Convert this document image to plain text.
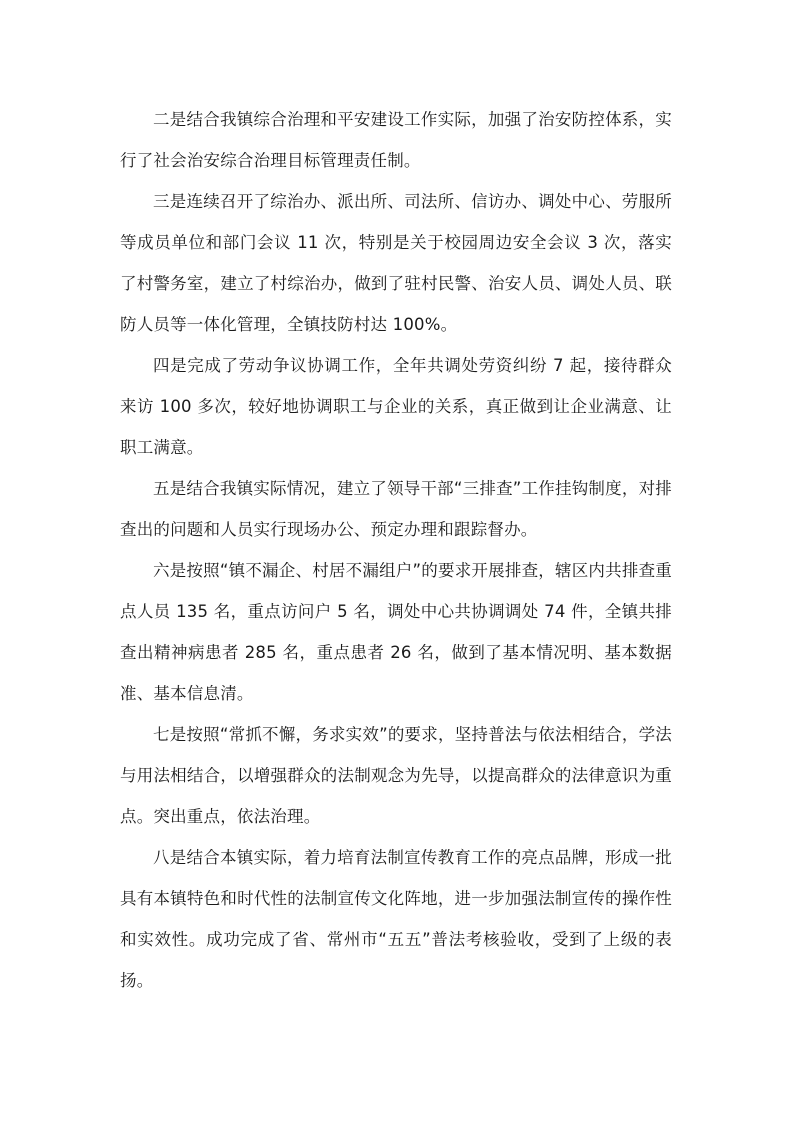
二是结合我镇综合治理和平安建设工作实际，加强了治安防控体系，实行了社会治安综合治理目标管理责任制。

三是连续召开了综治办、派出所、司法所、信访办、调处中心、劳服所等成员单位和部门会议 11 次，特别是关于校园周边安全会议 3 次，落实了村警务室，建立了村综治办，做到了驻村民警、治安人员、调处人员、联防人员等一体化管理，全镇技防村达 100%。

四是完成了劳动争议协调工作，全年共调处劳资纠纷 7 起，接待群众来访 100 多次，较好地协调职工与企业的关系，真正做到让企业满意、让职工满意。

五是结合我镇实际情况，建立了领导干部“三排查”工作挂钩制度，对排查出的问题和人员实行现场办公、预定办理和跟踪督办。

六是按照“镇不漏企、村居不漏组户”的要求开展排查，辖区内共排查重点人员 135 名，重点访问户 5 名，调处中心共协调调处 74 件，全镇共排查出精神病患者 285 名，重点患者 26 名，做到了基本情况明、基本数据准、基本信息清。

七是按照“常抓不懈，务求实效”的要求，坚持普法与依法相结合，学法与用法相结合，以增强群众的法制观念为先导，以提高群众的法律意识为重点。突出重点，依法治理。

八是结合本镇实际，着力培育法制宣传教育工作的亮点品牌，形成一批具有本镇特色和时代性的法制宣传文化阵地，进一步加强法制宣传的操作性和实效性。成功完成了省、常州市“五五”普法考核验收，受到了上级的表扬。
